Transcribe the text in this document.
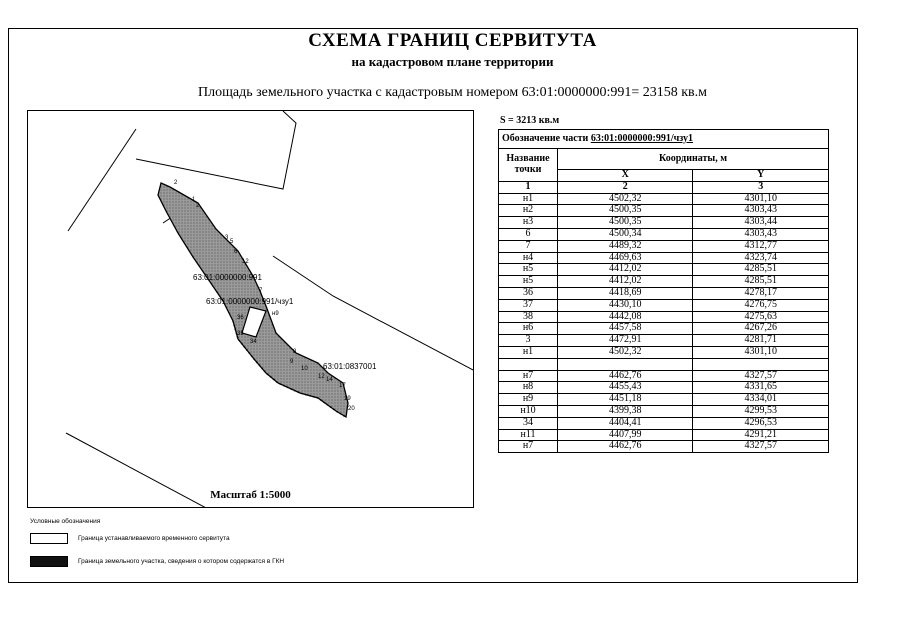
СХЕМА ГРАНИЦ СЕРВИТУТА
на кадастровом плане территории
Площадь земельного участка с кадастровым номером 63:01:0000000:991= 23158 кв.м
63:01:0000000:991
63:01:0000000:991/чзу1
63:01:0837001
2
1
2
3
5
6
12
7
н9
36
35
34
8
9
10
12 14
17
19
20
Масштаб 1:5000
S = 3213 кв.м
Обозначение части 63:01:0000000:991/чзу1		
Название точки	Координаты, м	
	X	Y
1	2	3
н1	4502,32	4301,10
н2	4500,35	4303,43
н3	4500,35	4303,44
6	4500,34	4303,43
7	4489,32	4312,77
н4	4469,63	4323,74
н5	4412,02	4285,51
н5	4412,02	4285,51
36	4418,69	4278,17
37	4430,10	4276,75
38	4442,08	4275,63
н6	4457,58	4267,26
3	4472,91	4281,71
н1	4502,32	4301,10

н7	4462,76	4327,57
н8	4455,43	4331,65
н9	4451,18	4334,01
н10	4399,38	4299,53
34	4404,41	4296,53
н11	4407,99	4291,21
н7	4462,76	4327,57
Условные обозначения
Граница устанавливаемого временного сервитута
Граница земельного участка, сведения о котором содержатся в ГКН
